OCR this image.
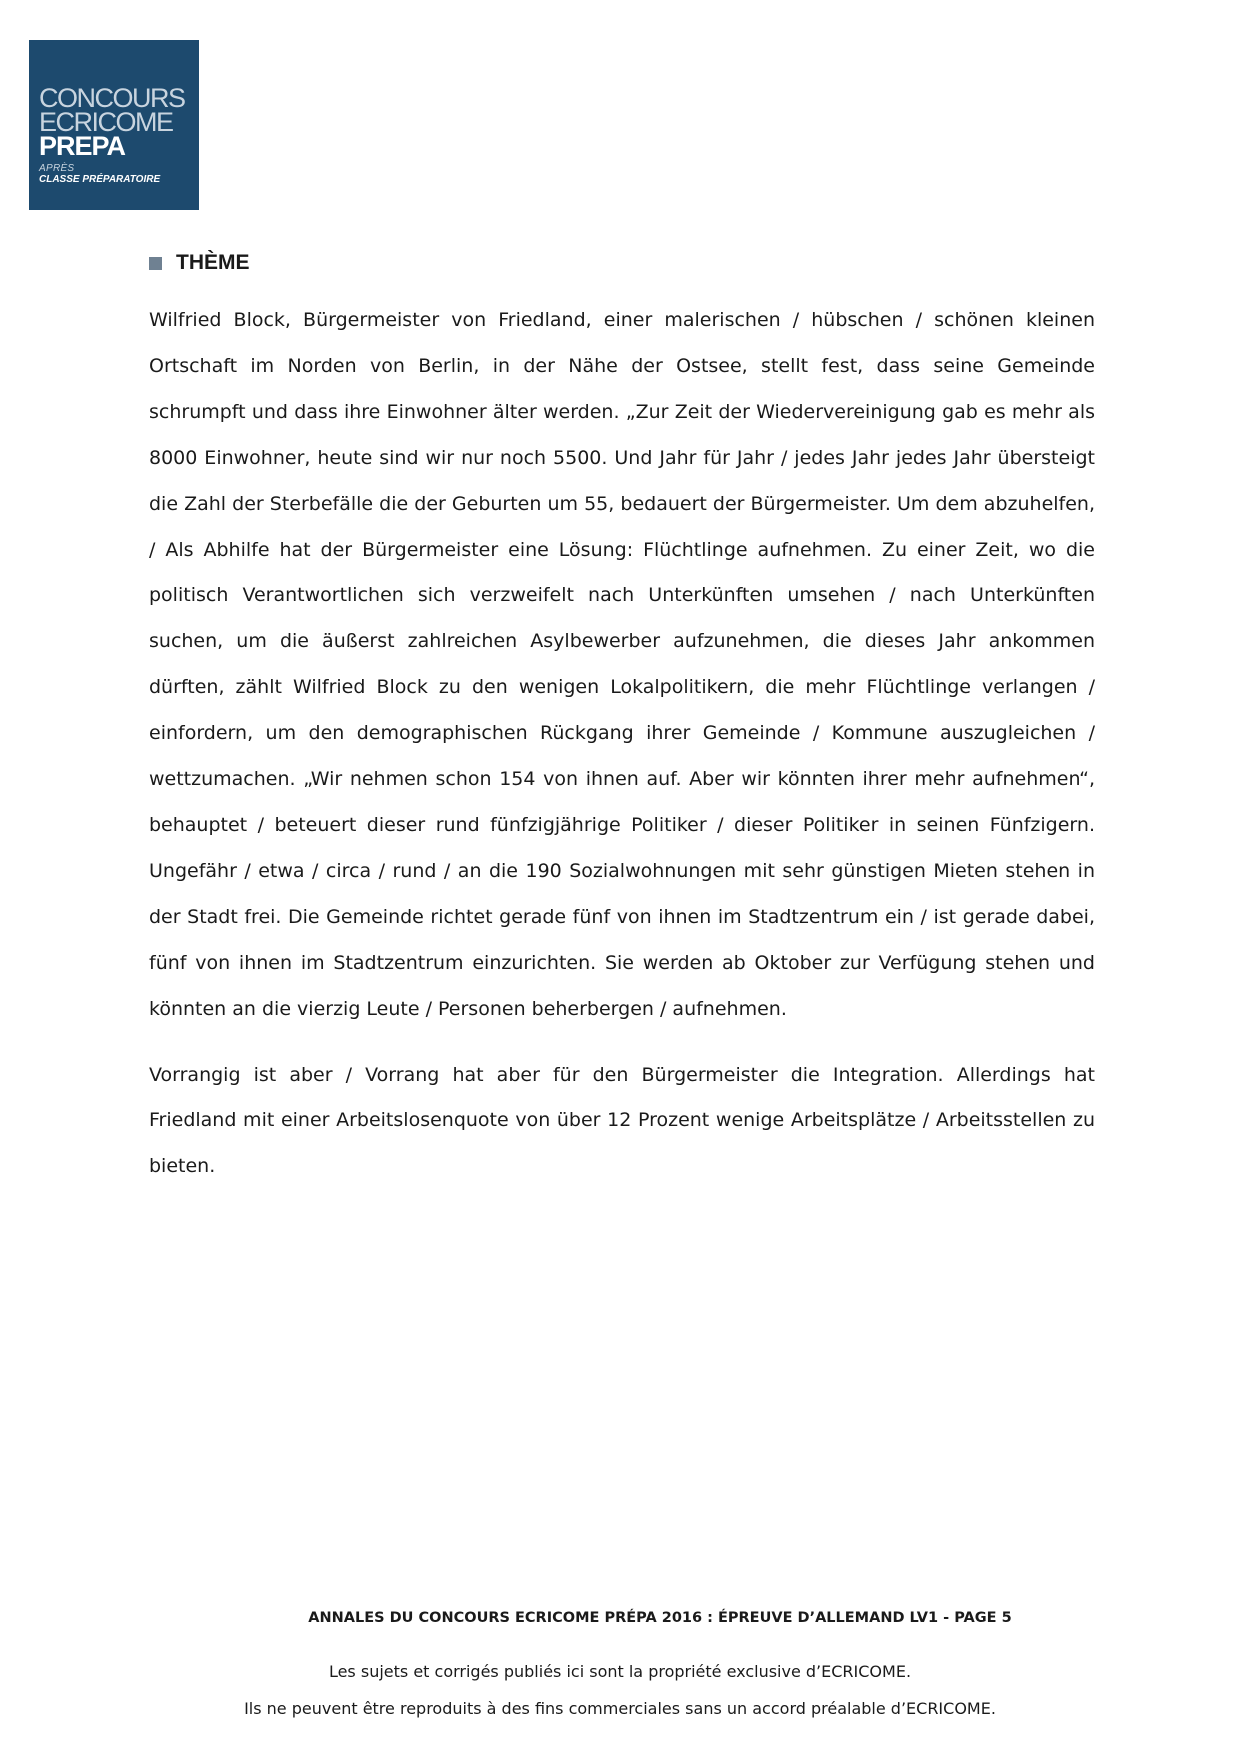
CONCOURS
ECRICOME
PREPA
APRÈS
CLASSE PRÉPARATOIRE
THÈME

Wilfried Block, Bürgermeister von Friedland, einer malerischen / hübschen / schönen kleinen Ortschaft im Norden von Berlin, in der Nähe der Ostsee, stellt fest, dass seine Gemeinde schrumpft und dass ihre Einwohner älter werden. „Zur Zeit der Wiedervereinigung gab es mehr als 8000 Einwohner, heute sind wir nur noch 5500. Und Jahr für Jahr / jedes Jahr jedes Jahr übersteigt die Zahl der Sterbefälle die der Geburten um 55, bedauert der Bürgermeister. Um dem abzuhelfen, / Als Abhilfe hat der Bürgermeister eine Lösung: Flüchtlinge aufnehmen. Zu einer Zeit, wo die politisch Verantwortlichen sich verzweifelt nach Unterkünften umsehen / nach Unterkünften suchen, um die äußerst zahlreichen Asylbewerber aufzunehmen, die dieses Jahr ankommen dürften, zählt Wilfried Block zu den wenigen Lokalpolitikern, die mehr Flüchtlinge verlangen / einfordern, um den demographischen Rückgang ihrer Gemeinde / Kommune auszugleichen / wettzumachen. „Wir nehmen schon 154 von ihnen auf. Aber wir könnten ihrer mehr aufnehmen“, behauptet / beteuert dieser rund fünfzigjährige Politiker / dieser Politiker in seinen Fünfzigern. Ungefähr / etwa / circa / rund / an die 190 Sozialwohnungen mit sehr günstigen Mieten stehen in der Stadt frei. Die Gemeinde richtet gerade fünf von ihnen im Stadtzentrum ein / ist gerade dabei, fünf von ihnen im Stadtzentrum einzurichten. Sie werden ab Oktober zur Verfügung stehen und könnten an die vierzig Leute / Personen beherbergen / aufnehmen.

Vorrangig ist aber / Vorrang hat aber für den Bürgermeister die Integration. Allerdings hat Friedland mit einer Arbeitslosenquote von über 12 Prozent wenige Arbeitsplätze / Arbeitsstellen zu bieten.

ANNALES DU CONCOURS ECRICOME PRÉPA 2016 : ÉPREUVE D’ALLEMAND LV1 - PAGE 5
Les sujets et corrigés publiés ici sont la propriété exclusive d’ECRICOME.
Ils ne peuvent être reproduits à des fins commerciales sans un accord préalable d’ECRICOME.
